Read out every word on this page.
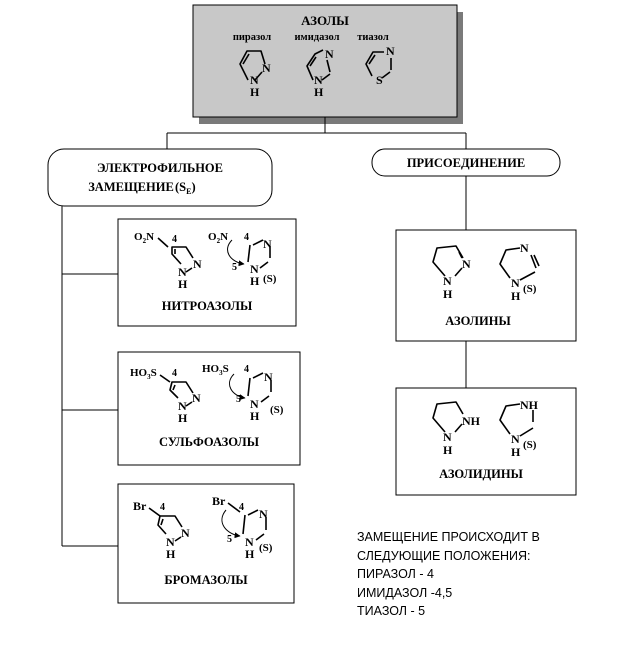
АЗОЛЫ
пиразол имидазол тиазол
N
N
H
N
N
H
N
S
ЭЛЕКТРОФИЛЬНОЕ
ЗАМЕЩЕНИЕ $(S_E)$
ПРИСОЕДИНЕНИЕ
$O_2N$ 4
N
N
H
$O_2N$ 4 N
5 N
H (S)
НИТРОАЗОЛЫ
$HO_3S$ 4
N
N
H
$HO_3S$ 4
N
5 N
H (S)
СУЛЬФОАЗОЛЫ
Br 4
N
N
H
Br 4 N
5 N
H (S)
БРОМАЗОЛЫ
N
N
H
N
N
H (S)
АЗОЛИНЫ
NH
N
H
NH
N
H (S)
АЗОЛИДИНЫ
ЗАМЕЩЕНИЕ ПРОИСХОДИТ В
СЛЕДУЮЩИЕ ПОЛОЖЕНИЯ:
ПИРАЗОЛ - 4
ИМИДАЗОЛ -4,5
ТИАЗОЛ - 5
